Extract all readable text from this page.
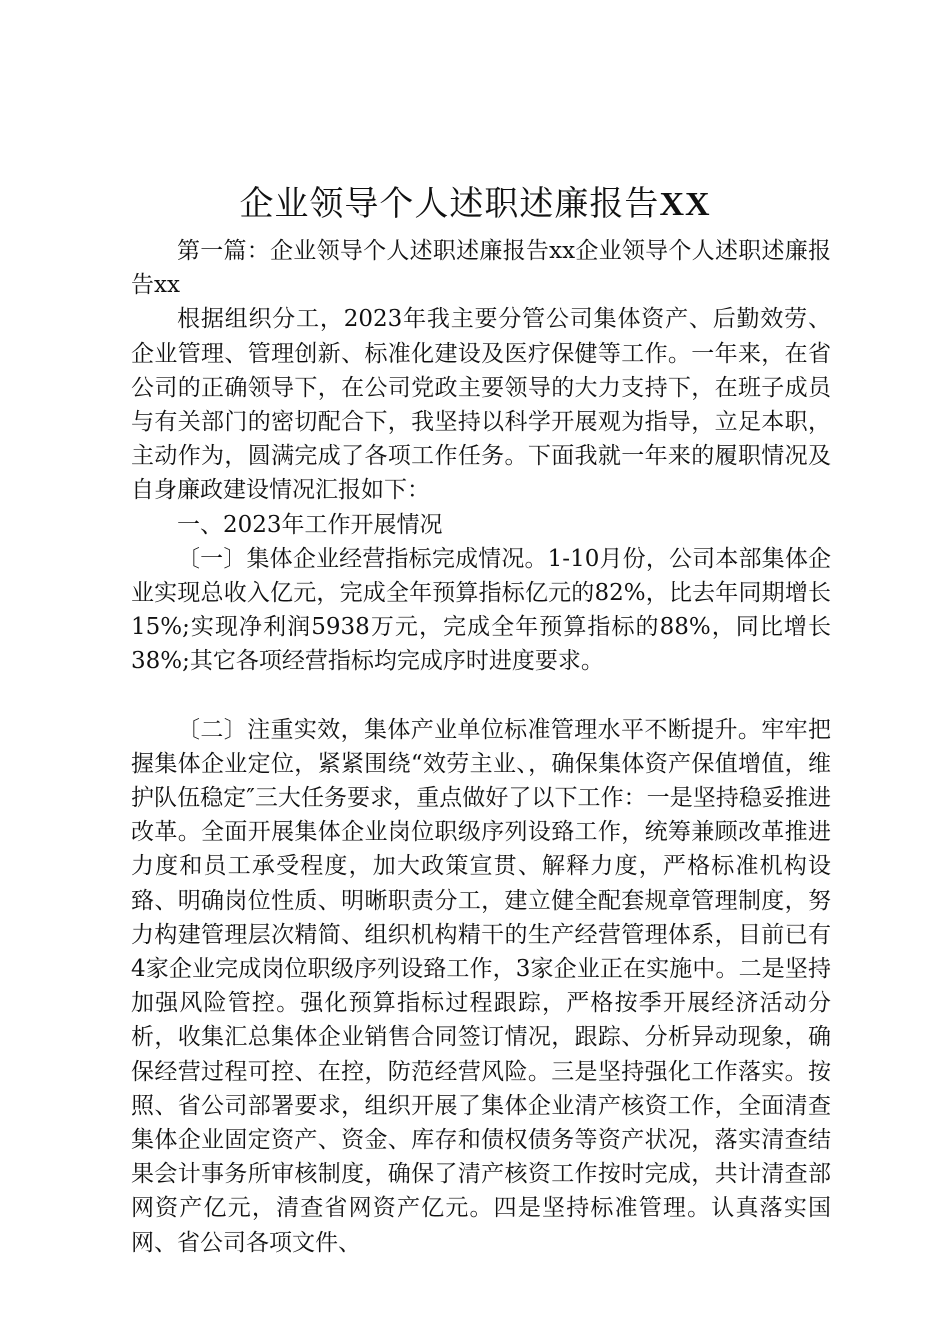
企业领导个人述职述廉报告XX

第一篇：企业领导个人述职述廉报告xx企业领导个人述职述廉报告xx

根据组织分工，2023年我主要分管公司集体资产、后勤效劳、企业管理、管理创新、标准化建设及医疗保健等工作。一年来，在省公司的正确领导下，在公司党政主要领导的大力支持下，在班子成员与有关部门的密切配合下，我坚持以科学开展观为指导，立足本职，主动作为，圆满完成了各项工作任务。下面我就一年来的履职情况及自身廉政建设情况汇报如下：

一、2023年工作开展情况

〔一〕集体企业经营指标完成情况。1-10月份，公司本部集体企业实现总收入亿元，完成全年预算指标亿元的82%，比去年同期增长15%;实现净利润5938万元，完成全年预算指标的88%，同比增长38%;其它各项经营指标均完成序时进度要求。

〔二〕注重实效，集体产业单位标准管理水平不断提升。牢牢把握集体企业定位，紧紧围绕“效劳主业、，确保集体资产保值增值，维护队伍稳定″三大任务要求，重点做好了以下工作：一是坚持稳妥推进改革。全面开展集体企业岗位职级序列设臵工作，统筹兼顾改革推进力度和员工承受程度，加大政策宣贯、解释力度，严格标准机构设臵、明确岗位性质、明晰职责分工，建立健全配套规章管理制度，努力构建管理层次精简、组织机构精干的生产经营管理体系，目前已有4家企业完成岗位职级序列设臵工作，3家企业正在实施中。二是坚持加强风险管控。强化预算指标过程跟踪，严格按季开展经济活动分析，收集汇总集体企业销售合同签订情况，跟踪、分析异动现象，确保经营过程可控、在控，防范经营风险。三是坚持强化工作落实。按照、省公司部署要求，组织开展了集体企业清产核资工作，全面清查集体企业固定资产、资金、库存和债权债务等资产状况，落实清查结果会计事务所审核制度，确保了清产核资工作按时完成，共计清查部网资产亿元，清查省网资产亿元。四是坚持标准管理。认真落实国网、省公司各项文件、
